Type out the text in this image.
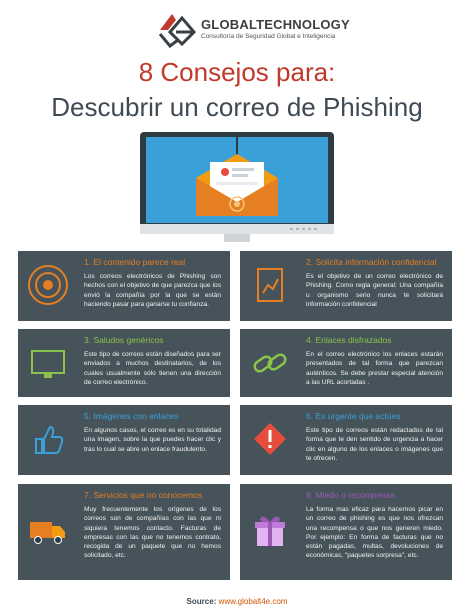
GLOBALTECHNOLOGY
Consultoría de Seguridad Global e Inteligencia
8 Consejos para:
Descubrir un correo de Phishing
1. El contenido parece real
Los correos electrónicos de Phishing son hechos con el objetivo de que parezca que los envió la compañía por la que se están haciendo pasar para ganarse tu confianza.
2. Solicita información confidencial
Es el objetivo de un correo electrónico de Phishing. Como regla general: Una compañía u organismo serio nunca te solicitará información confidencial
3. Saludos genéricos
Este tipo de correos están diseñados para ser enviados a muchos destinatarios, de los cuales usualmente sólo tienen una dirección de correo electrónico.
4. Enlaces disfrazados
En el correo electrónico los enlaces estarán presentados de tal forma que parezcan auténticos. Se debe prestar especial atención a las URL acortadas .
5. Imágenes con enlaces
En algunos casos, el correo es en su totalidad una imagen, sobre la que puedes hacer clic y tras lo cual se abre un enlace fraudulento.
6. Es urgente que actúes
Este tipo de correos están redactados de tal forma que te den sentido de urgencia a hacer clic en alguno de los enlaces o imágenes que te ofrecen.
7. Servicios que no conocemos
Muy frecuentemente los orígenes de los correos son de compañías con las que ni siquiera tenemos contacto. Facturas de empresas con las que no tenemos contrato, recogida de un paquete que no hemos solicitado, etc.
8. Miedo o recompensa
La forma mas eficaz para hacernos picar en un correo de phishing es que nos ofrezcan una recompensa o que nos generen miedo. Por ejemplo: En forma de facturas que no están pagadas, multas, devoluciones de económicas, "paquetes sorpresa", etc.
Source: www.globalt4e.com
